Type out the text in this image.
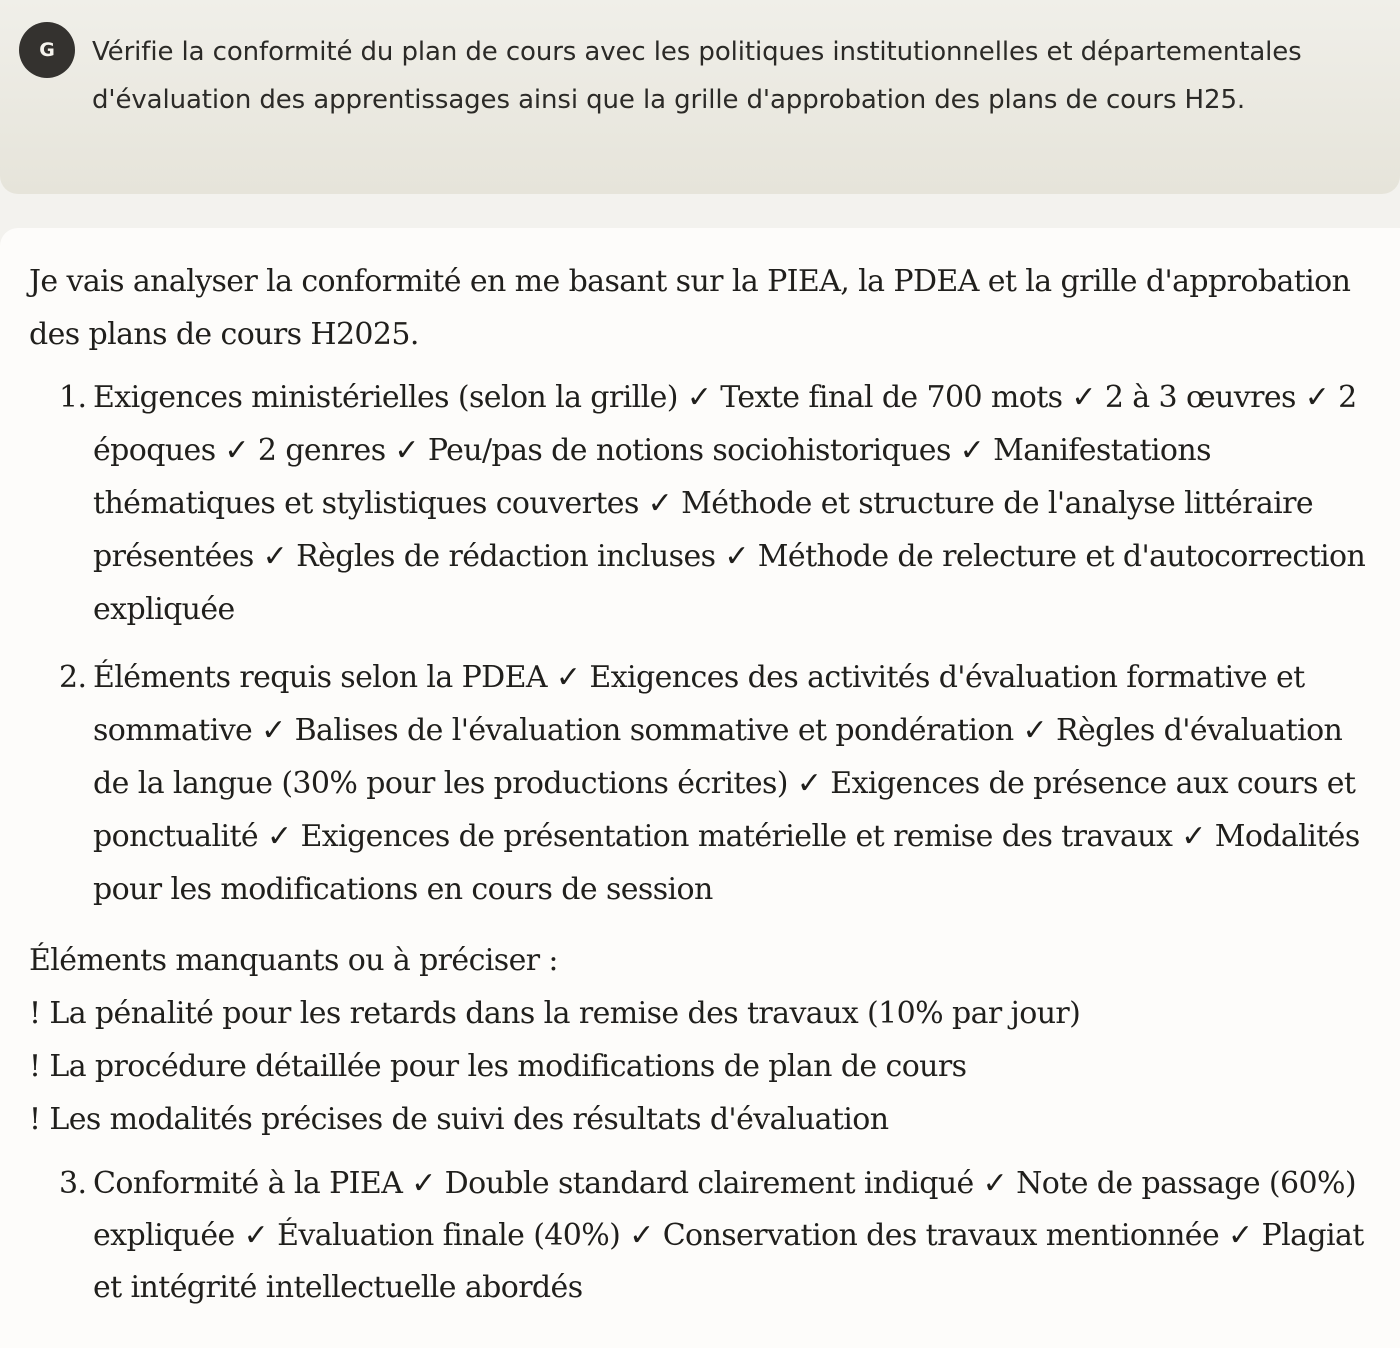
G	Vérifie la conformité du plan de cours avec les politiques institutionnelles et départementales d'évaluation des apprentissages ainsi que la grille d'approbation des plans de cours H25.

Je vais analyser la conformité en me basant sur la PIEA, la PDEA et la grille d'approbation des plans de cours H2025.

1. Exigences ministérielles (selon la grille) ✓ Texte final de 700 mots ✓ 2 à 3 œuvres ✓ 2 époques ✓ 2 genres ✓ Peu/pas de notions sociohistoriques ✓ Manifestations thématiques et stylistiques couvertes ✓ Méthode et structure de l'analyse littéraire présentées ✓ Règles de rédaction incluses ✓ Méthode de relecture et d'autocorrection expliquée
2. Éléments requis selon la PDEA ✓ Exigences des activités d'évaluation formative et sommative ✓ Balises de l'évaluation sommative et pondération ✓ Règles d'évaluation de la langue (30% pour les productions écrites) ✓ Exigences de présence aux cours et ponctualité ✓ Exigences de présentation matérielle et remise des travaux ✓ Modalités pour les modifications en cours de session

Éléments manquants ou à préciser :

! La pénalité pour les retards dans la remise des travaux (10% par jour)
! La procédure détaillée pour les modifications de plan de cours
! Les modalités précises de suivi des résultats d'évaluation
3. Conformité à la PIEA ✓ Double standard clairement indiqué ✓ Note de passage (60%) expliquée ✓ Évaluation finale (40%) ✓ Conservation des travaux mentionnée ✓ Plagiat et intégrité intellectuelle abordés
